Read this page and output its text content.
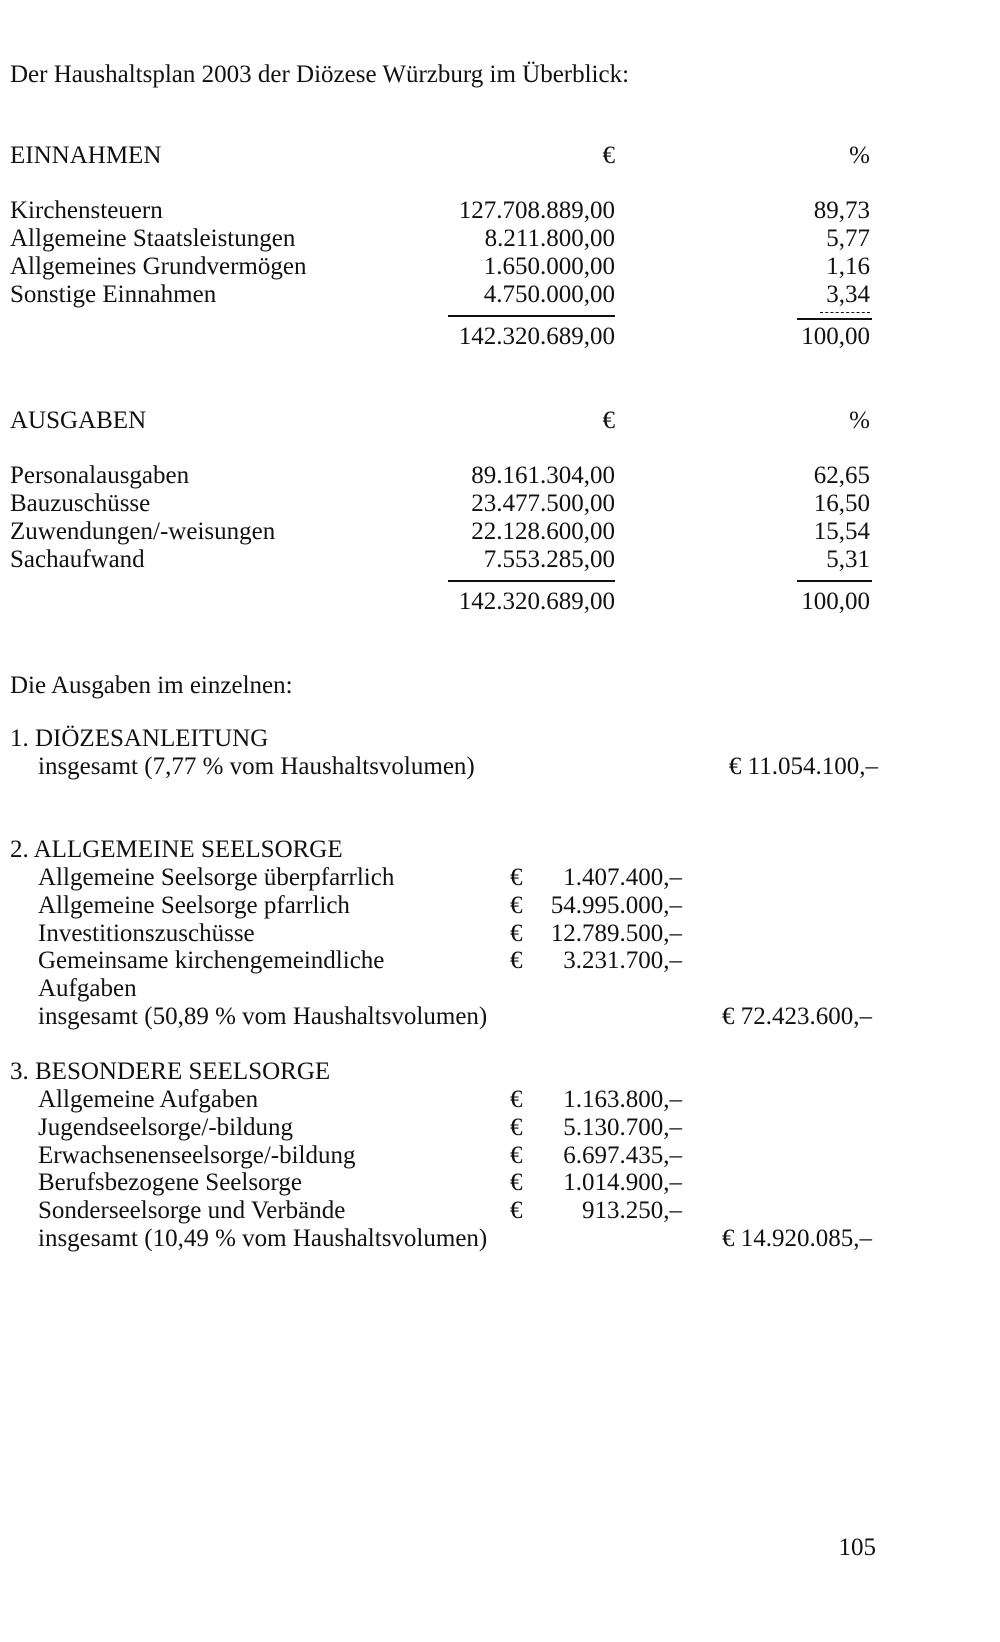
Der Haushaltsplan 2003 der Diözese Würzburg im Überblick:
EINNAHMEN	€	%
Kirchensteuern	127.708.889,00	89,73
Allgemeine Staatsleistungen	8.211.800,00	5,77
Allgemeines Grundvermögen	1.650.000,00	1,16
Sonstige Einnahmen	4.750.000,00	3,34
142.320.689,00	100,00
AUSGABEN	€	%
Personalausgaben	89.161.304,00	62,65
Bauzuschüsse	23.477.500,00	16,50
Zuwendungen/-weisungen	22.128.600,00	15,54
Sachaufwand	7.553.285,00	5,31
142.320.689,00	100,00
Die Ausgaben im einzelnen:
1. DIÖZESANLEITUNG
insgesamt (7,77 % vom Haushaltsvolumen)	€ 11.054.100,–
2. ALLGEMEINE SEELSORGE
Allgemeine Seelsorge überpfarrlich	€	1.407.400,–
Allgemeine Seelsorge pfarrlich	€	54.995.000,–
Investitionszuschüsse	€	12.789.500,–
Gemeinsame kirchengemeindliche	€	3.231.700,–
Aufgaben
insgesamt (50,89 % vom Haushaltsvolumen)	€ 72.423.600,–
3. BESONDERE SEELSORGE
Allgemeine Aufgaben	€	1.163.800,–
Jugendseelsorge/-bildung	€	5.130.700,–
Erwachsenenseelsorge/-bildung	€	6.697.435,–
Berufsbezogene Seelsorge	€	1.014.900,–
Sonderseelsorge und Verbände	€	913.250,–
insgesamt (10,49 % vom Haushaltsvolumen)	€ 14.920.085,–
105
